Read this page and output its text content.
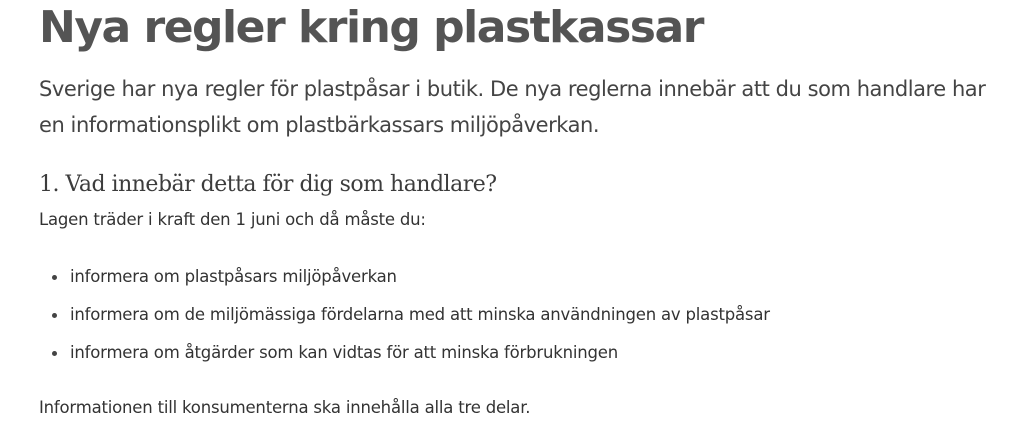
Nya regler kring plastkassar

Sverige har nya regler för plastpåsar i butik. De nya reglerna innebär att du som handlare har en informationsplikt om plastbärkassars miljöpåverkan.

1. Vad innebär detta för dig som handlare?

Lagen träder i kraft den 1 juni och då måste du:

informera om plastpåsars miljöpåverkan
informera om de miljömässiga fördelarna med att minska användningen av plastpåsar
informera om åtgärder som kan vidtas för att minska förbrukningen

Informationen till konsumenterna ska innehålla alla tre delar.
